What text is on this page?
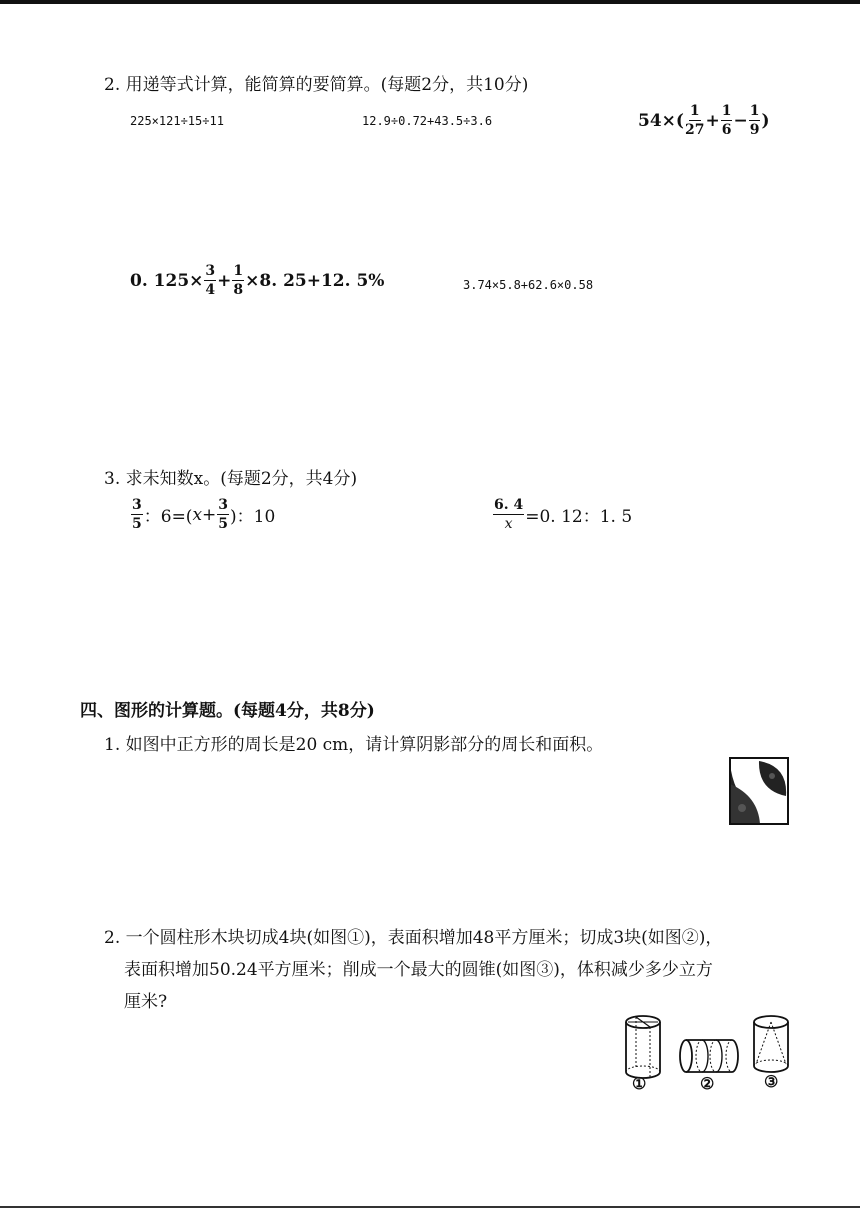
2. 用递等式计算，能简算的要简算。(每题2分，共10分)
225×121÷15÷11	12.9÷0.72+43.5÷3.6	$54\times( \frac{1}{27} + \frac{1}{6} - \frac{1}{9}$ )
0. $125\times \frac{3}{4} + \frac{1}{8} \times 8$. 25+12. 5%	3.74×5.8+62.6×0.58
3. 求未知数x。(每题2分，共4分)
$\frac{3}{5}$ ：6=( $x + \frac{3}{5}$ )：10	$\frac{6. 4}{x} =0$. 12：1. 5
四、图形的计算题。(每题4分，共8分)
1. 如图中正方形的周长是20 cm，请计算阴影部分的周长和面积。
2. 一个圆柱形木块切成4块(如图①)，表面积增加48平方厘米；切成3块(如图②)，
表面积增加50.24平方厘米；削成一个最大的圆锥(如图③)，体积减少多少立方
厘米?
①	②	③
